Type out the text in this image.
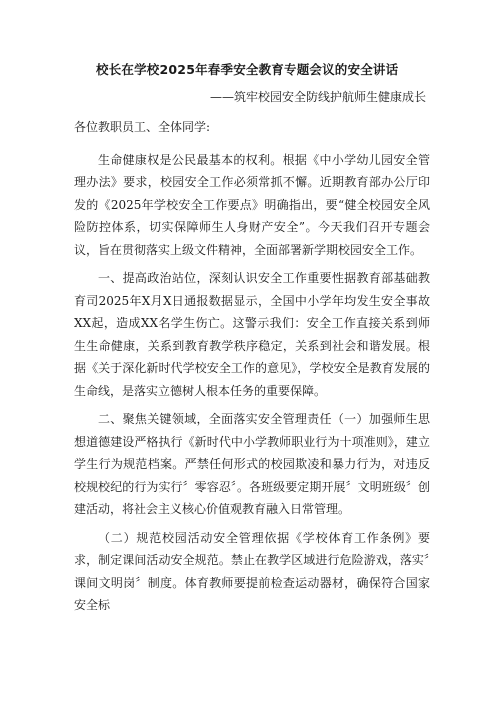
校长在学校2025年春季安全教育专题会议的安全讲话
——筑牢校园安全防线护航师生健康成长

各位教职员工、全体同学:

生命健康权是公民最基本的权利。根据《中小学幼儿园安全管理办法》要求，校园安全工作必须常抓不懈。近期教育部办公厅印发的《2025年学校安全工作要点》明确指出，要“健全校园安全风险防控体系，切实保障师生人身财产安全”。今天我们召开专题会议，旨在贯彻落实上级文件精神，全面部署新学期校园安全工作。

一、提高政治站位，深刻认识安全工作重要性据教育部基础教育司2025年X月X日通报数据显示，全国中小学年均发生安全事故XX起，造成XX名学生伤亡。这警示我们：安全工作直接关系到师生生命健康，关系到教育教学秩序稳定，关系到社会和谐发展。根据《关于深化新时代学校安全工作的意见》，学校安全是教育发展的生命线，是落实立德树人根本任务的重要保障。

二、聚焦关键领域，全面落实安全管理责任（一）加强师生思想道德建设严格执行《新时代中小学教师职业行为十项准则》，建立学生行为规范档案。严禁任何形式的校园欺凌和暴力行为，对违反校规校纪的行为实行〞零容忍〞。各班级要定期开展〞文明班级〞创建活动，将社会主义核心价值观教育融入日常管理。

（二）规范校园活动安全管理依据《学校体育工作条例》要求，制定课间活动安全规范。禁止在教学区域进行危险游戏，落实〞课间文明岗〞制度。体育教师要提前检查运动器材，确保符合国家安全标
